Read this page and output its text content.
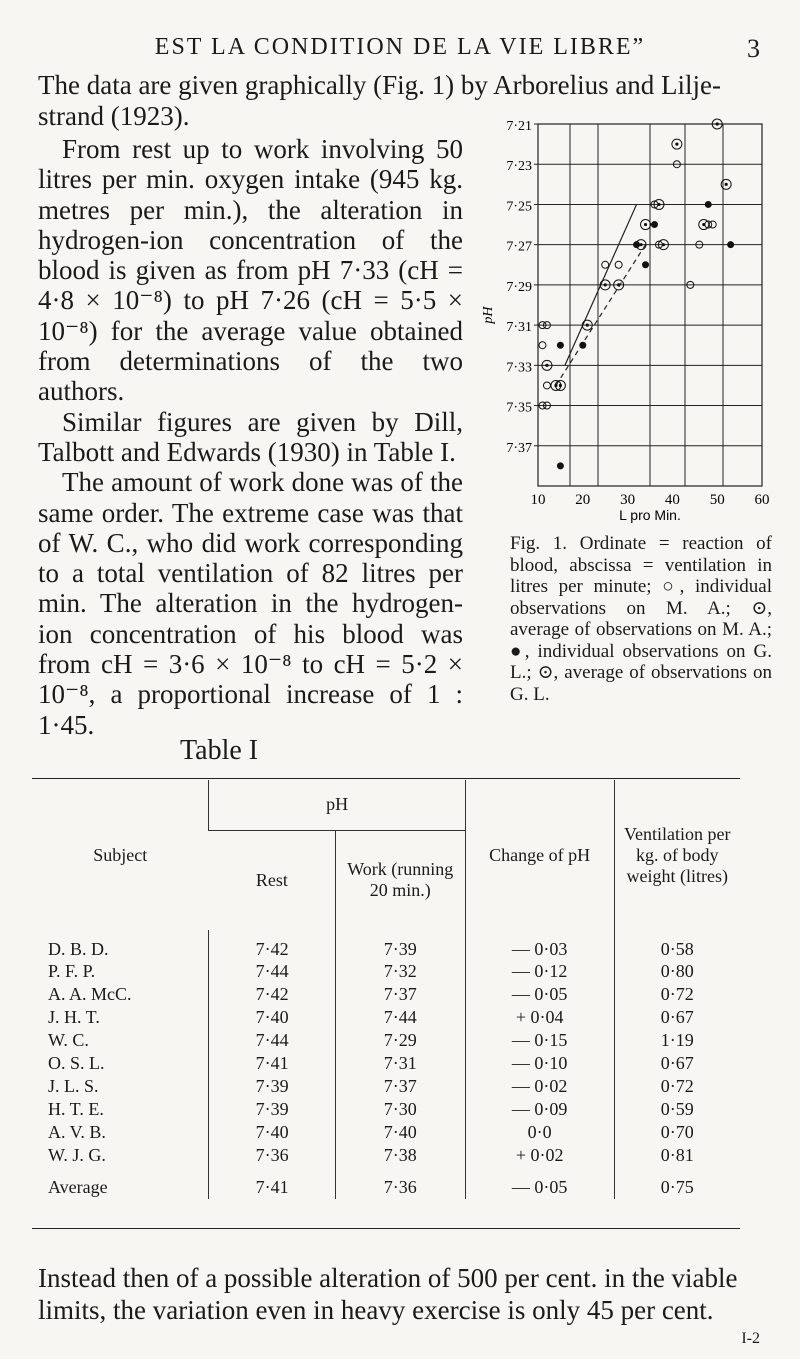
EST LA CONDITION DE LA VIE LIBRE”	3

The data are given graphically (Fig. 1) by Arborelius and Lilje-

strand (1923).

From rest up to work involving 50 litres per min. oxygen intake (945 kg. metres per min.), the alteration in hydrogen-ion concentration of the blood is given as from pH 7·33 (cH = 4·8 × 10⁻⁸) to pH 7·26 (cH = 5·5 × 10⁻⁸) for the average value obtained from determinations of the two authors.

Similar figures are given by Dill, Talbott and Edwards (1930) in Table I.

The amount of work done was of the same order. The extreme case was that of W. C., who did work corresponding to a total ventilation of 82 litres per min. The alteration in the hydrogen-ion concentration of his blood was from cH = 3·6 × 10⁻⁸ to cH = 5·2 × 10⁻⁸, a proportional increase of 1 : 1·45.

Table I
7·21
7·23
7·25
7·27
7·29
7·31
7·33
7·35
7·37
10 20 30 40 50 60
L pro Min.
pH
Fig. 1. Ordinate = reaction of blood, abscissa = ventilation in litres per minute; ○, individual observations on M. A.; ⊙, average of observations on M. A.; ●, individual observations on G. L.; ⊙, average of observations on G. L.
Subject	pH		Change of pH	Ventilation per kg. of body weight (litres)
	Rest	Work (running 20 min.)		
D. B. D.	7·42	7·39	— 0·03	0·58
P. F. P.	7·44	7·32	— 0·12	0·80
A. A. McC.	7·42	7·37	— 0·05	0·72
J. H. T.	7·40	7·44	+ 0·04	0·67
W. C.	7·44	7·29	— 0·15	1·19
O. S. L.	7·41	7·31	— 0·10	0·67
J. L. S.	7·39	7·37	— 0·02	0·72
H. T. E.	7·39	7·30	— 0·09	0·59
A. V. B.	7·40	7·40	0·0	0·70
W. J. G.	7·36	7·38	+ 0·02	0·81
Average	7·41	7·36	— 0·05	0·75

Instead then of a possible alteration of 500 per cent. in the viable limits, the variation even in heavy exercise is only 45 per cent.

I-2
